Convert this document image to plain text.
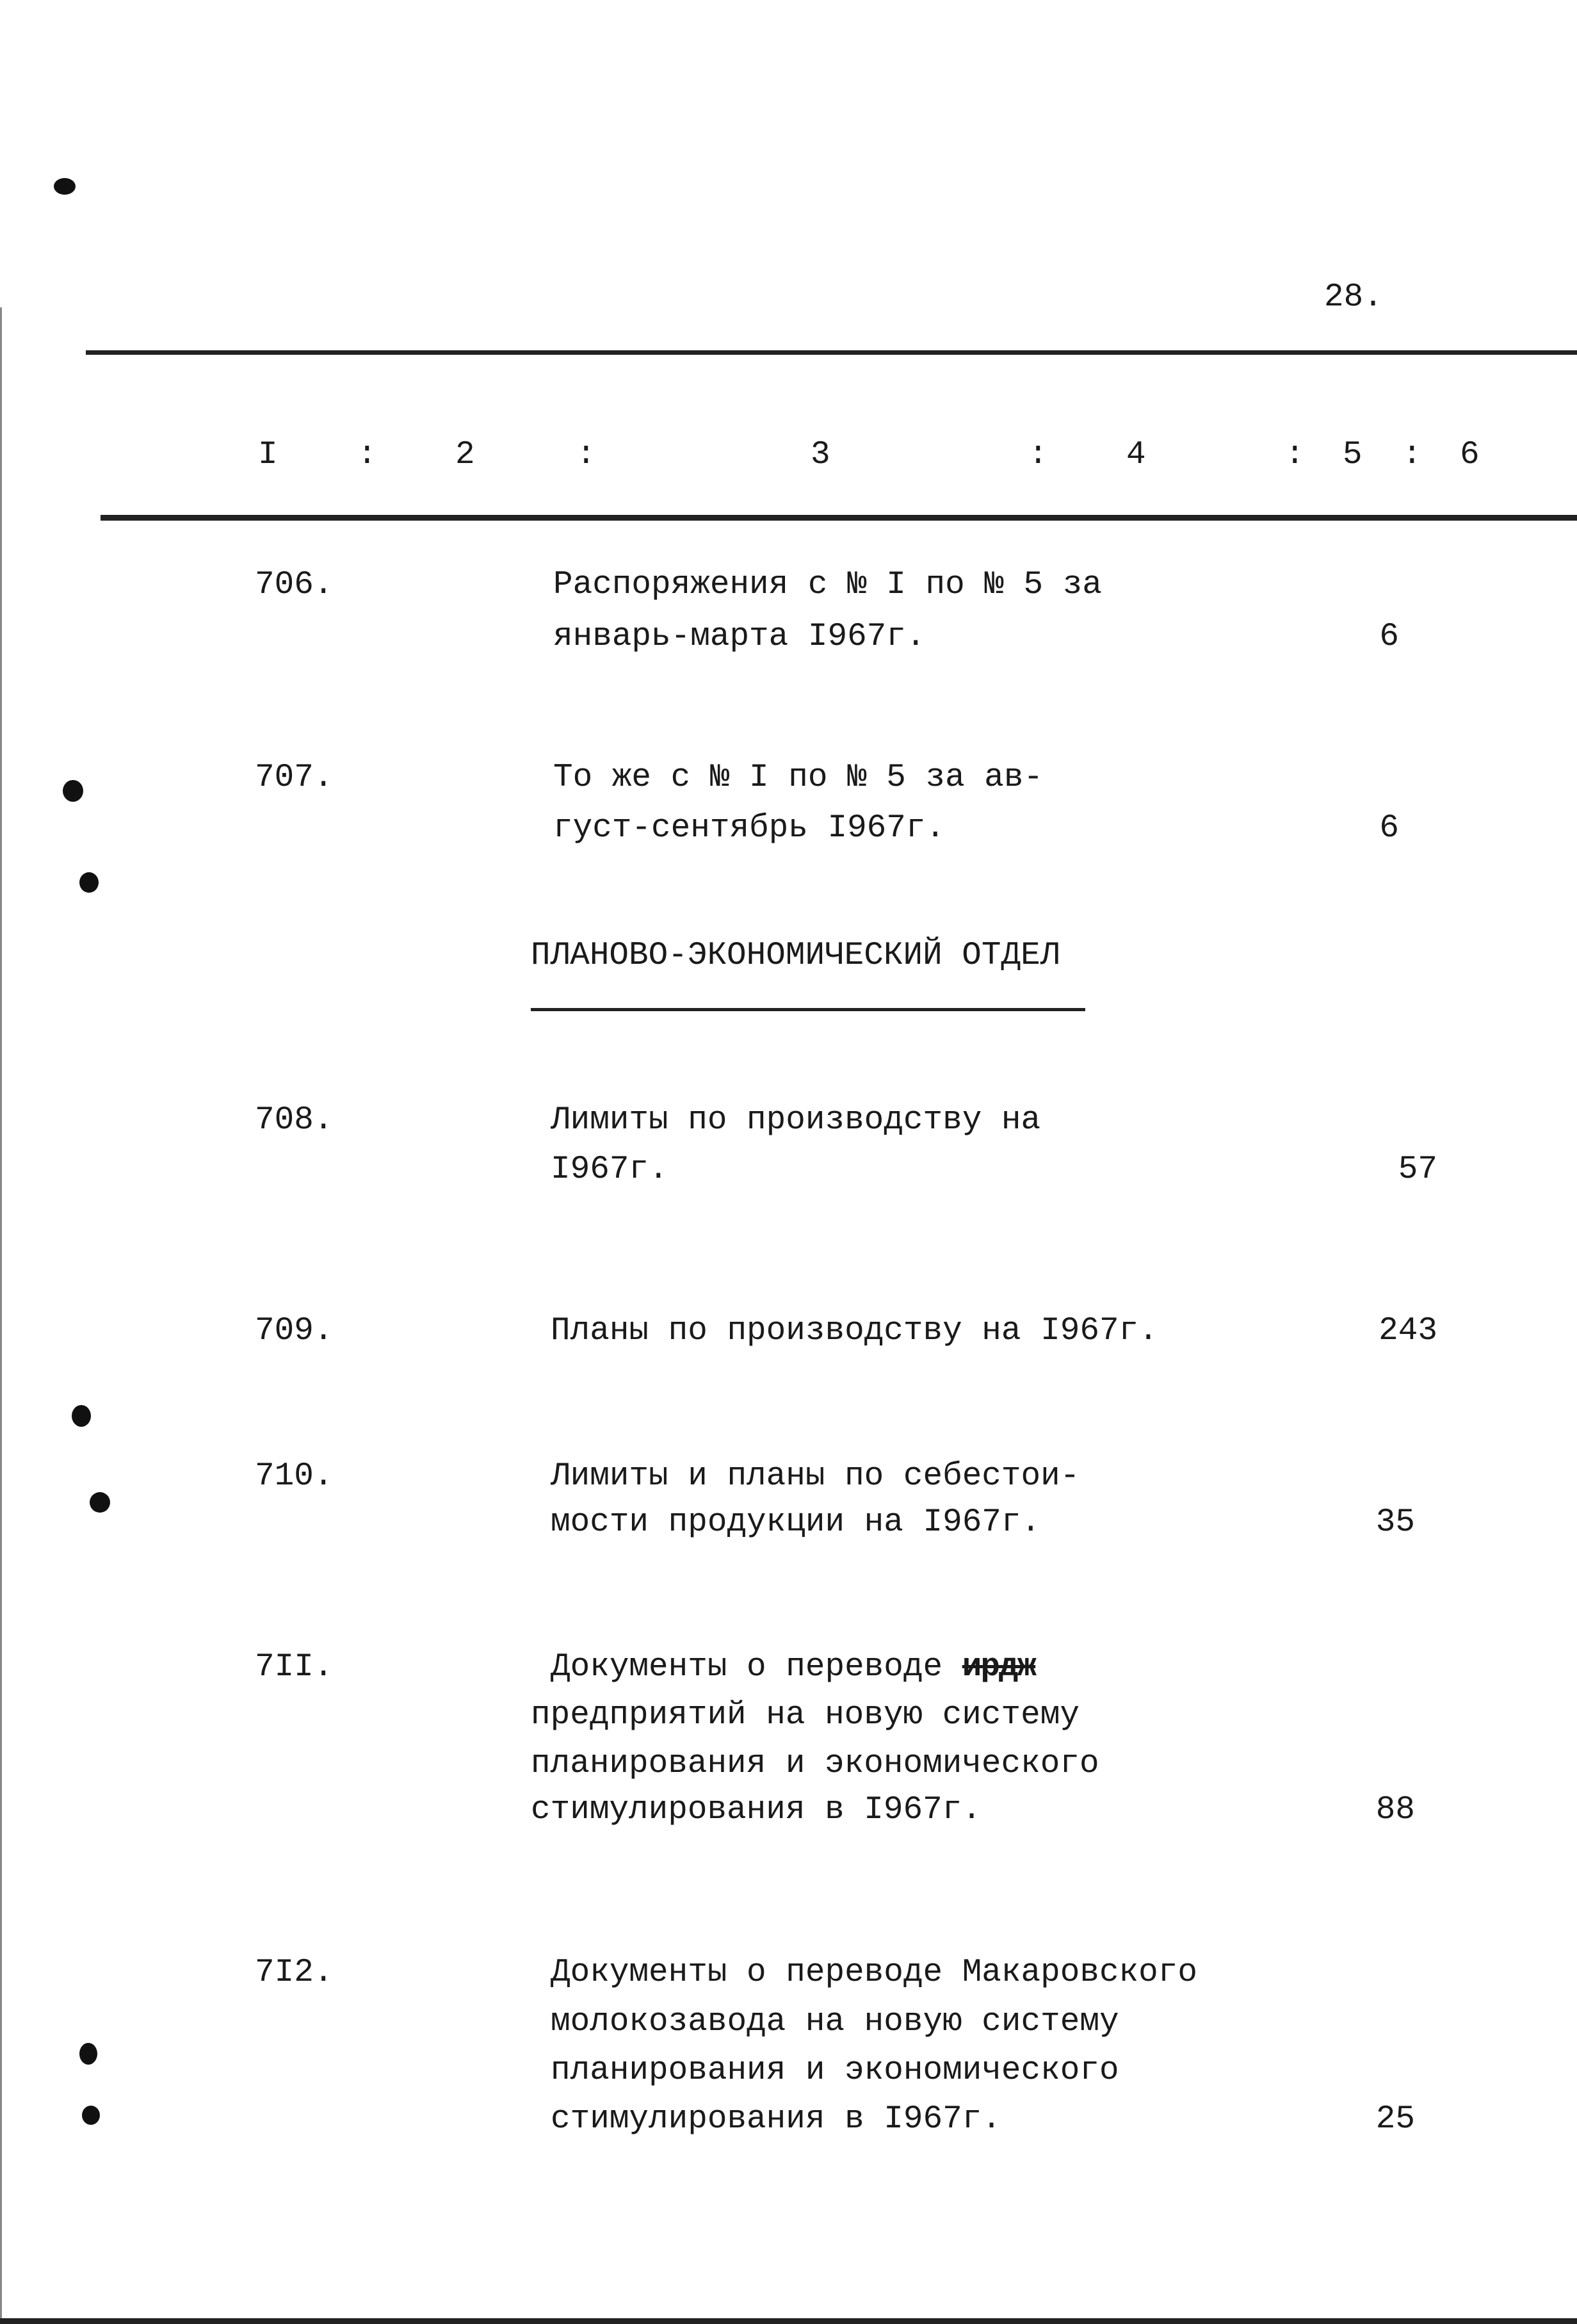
28.
I : 2	:	3	: 4	: 5 : 6
706.	Распоряжения с № I по № 5 за
январь-марта I967г.	6
707.	То же с № I по № 5 за ав-
густ-сентябрь I967г.	6
ПЛАНОВО-ЭКОНОМИЧЕСКИЙ ОТДЕЛ
708.	Лимиты по производству на
I967г.	57
709.	Планы по производству на I967г.	243
710.	Лимиты и планы по себестои-
мости продукции на I967г.	35
7II.	Документы о переводе ирдж
предприятий на новую систему
планирования и экономического
стимулирования в I967г.	88
7I2.	Документы о переводе Макаровского
молокозавода на новую систему
планирования и экономического
стимулирования в I967г.	25
